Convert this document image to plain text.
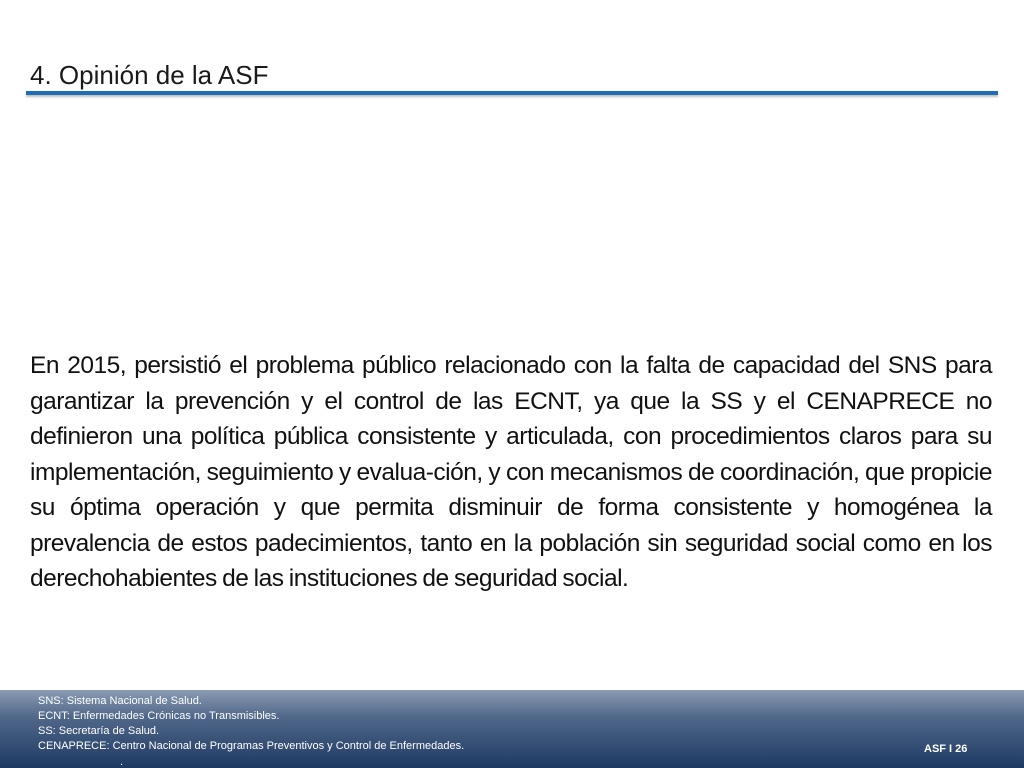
4. Opinión de la ASF
En 2015, persistió el problema público relacionado con la falta de capacidad del SNS para garantizar la prevención y el control de las ECNT, ya que la SS y el CENAPRECE no definieron una política pública consistente y articulada, con procedimientos claros para su implementación, seguimiento y evalua-ción, y con mecanismos de coordinación, que propicie su óptima operación y que permita disminuir de forma consistente y homogénea la prevalencia de estos padecimientos, tanto en la población sin seguridad social como en los derechohabientes de las instituciones de seguridad social.
SNS: Sistema Nacional de Salud.
ECNT: Enfermedades Crónicas no Transmisibles.
SS: Secretaría de Salud.
CENAPRECE: Centro Nacional de Programas Preventivos y Control de Enfermedades.
.
ASF I 26
